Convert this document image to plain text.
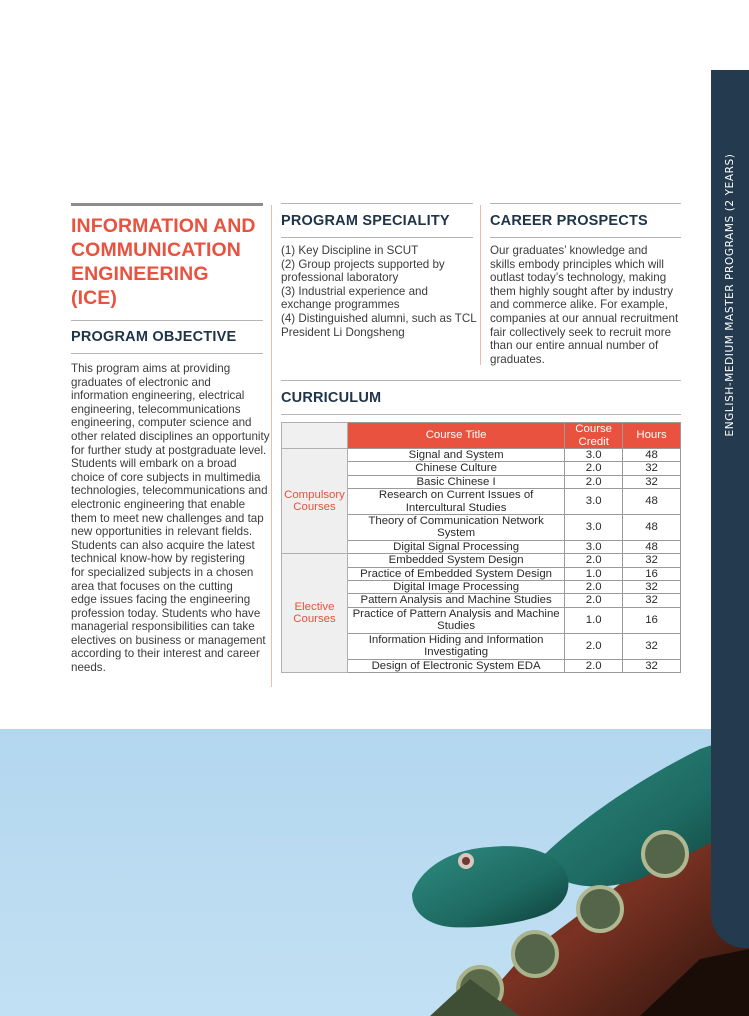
INFORMATION AND
COMMUNICATION
ENGINEERING
(ICE)
PROGRAM OBJECTIVE
This program aims at providing
graduates of electronic and
information engineering, electrical
engineering, telecommunications
engineering, computer science and
other related disciplines an opportunity
for further study at postgraduate level.
Students will embark on a broad
choice of core subjects in multimedia
technologies, telecommunications and
electronic engineering that enable
them to meet new challenges and tap
new opportunities in relevant fields.
Students can also acquire the latest
technical know-how by registering
for specialized subjects in a chosen
area that focuses on the cutting
edge issues facing the engineering
profession today. Students who have
managerial responsibilities can take
electives on business or management
according to their interest and career
needs.
PROGRAM SPECIALITY
(1) Key Discipline in SCUT
(2) Group projects supported by
professional laboratory
(3) Industrial experience and
exchange programmes
(4) Distinguished alumni, such as TCL
President Li Dongsheng
CAREER PROSPECTS
Our graduates’ knowledge and
skills embody principles which will
outlast today’s technology, making
them highly sought after by industry
and commerce alike. For example,
companies at our annual recruitment
fair collectively seek to recruit more
than our entire annual number of
graduates.
CURRICULUM
	Course Title	Course Credit	Hours
Compulsory Courses	Signal and System	3.0	48
	Chinese Culture	2.0	32
	Basic Chinese I	2.0	32
	Research on Current Issues of Intercultural Studies	3.0	48
	Theory of Communication Network System	3.0	48
	Digital Signal Processing	3.0	48
Elective Courses	Embedded System Design	2.0	32
	Practice of Embedded System Design	1.0	16
	Digital Image Processing	2.0	32
	Pattern Analysis and Machine Studies	2.0	32
	Practice of Pattern Analysis and Machine Studies	1.0	16
	Information Hiding and Information Investigating	2.0	32
	Design of Electronic System EDA	2.0	32
ENGLISH-MEDIUM MASTER PROGRAMS (2 YEARS)
